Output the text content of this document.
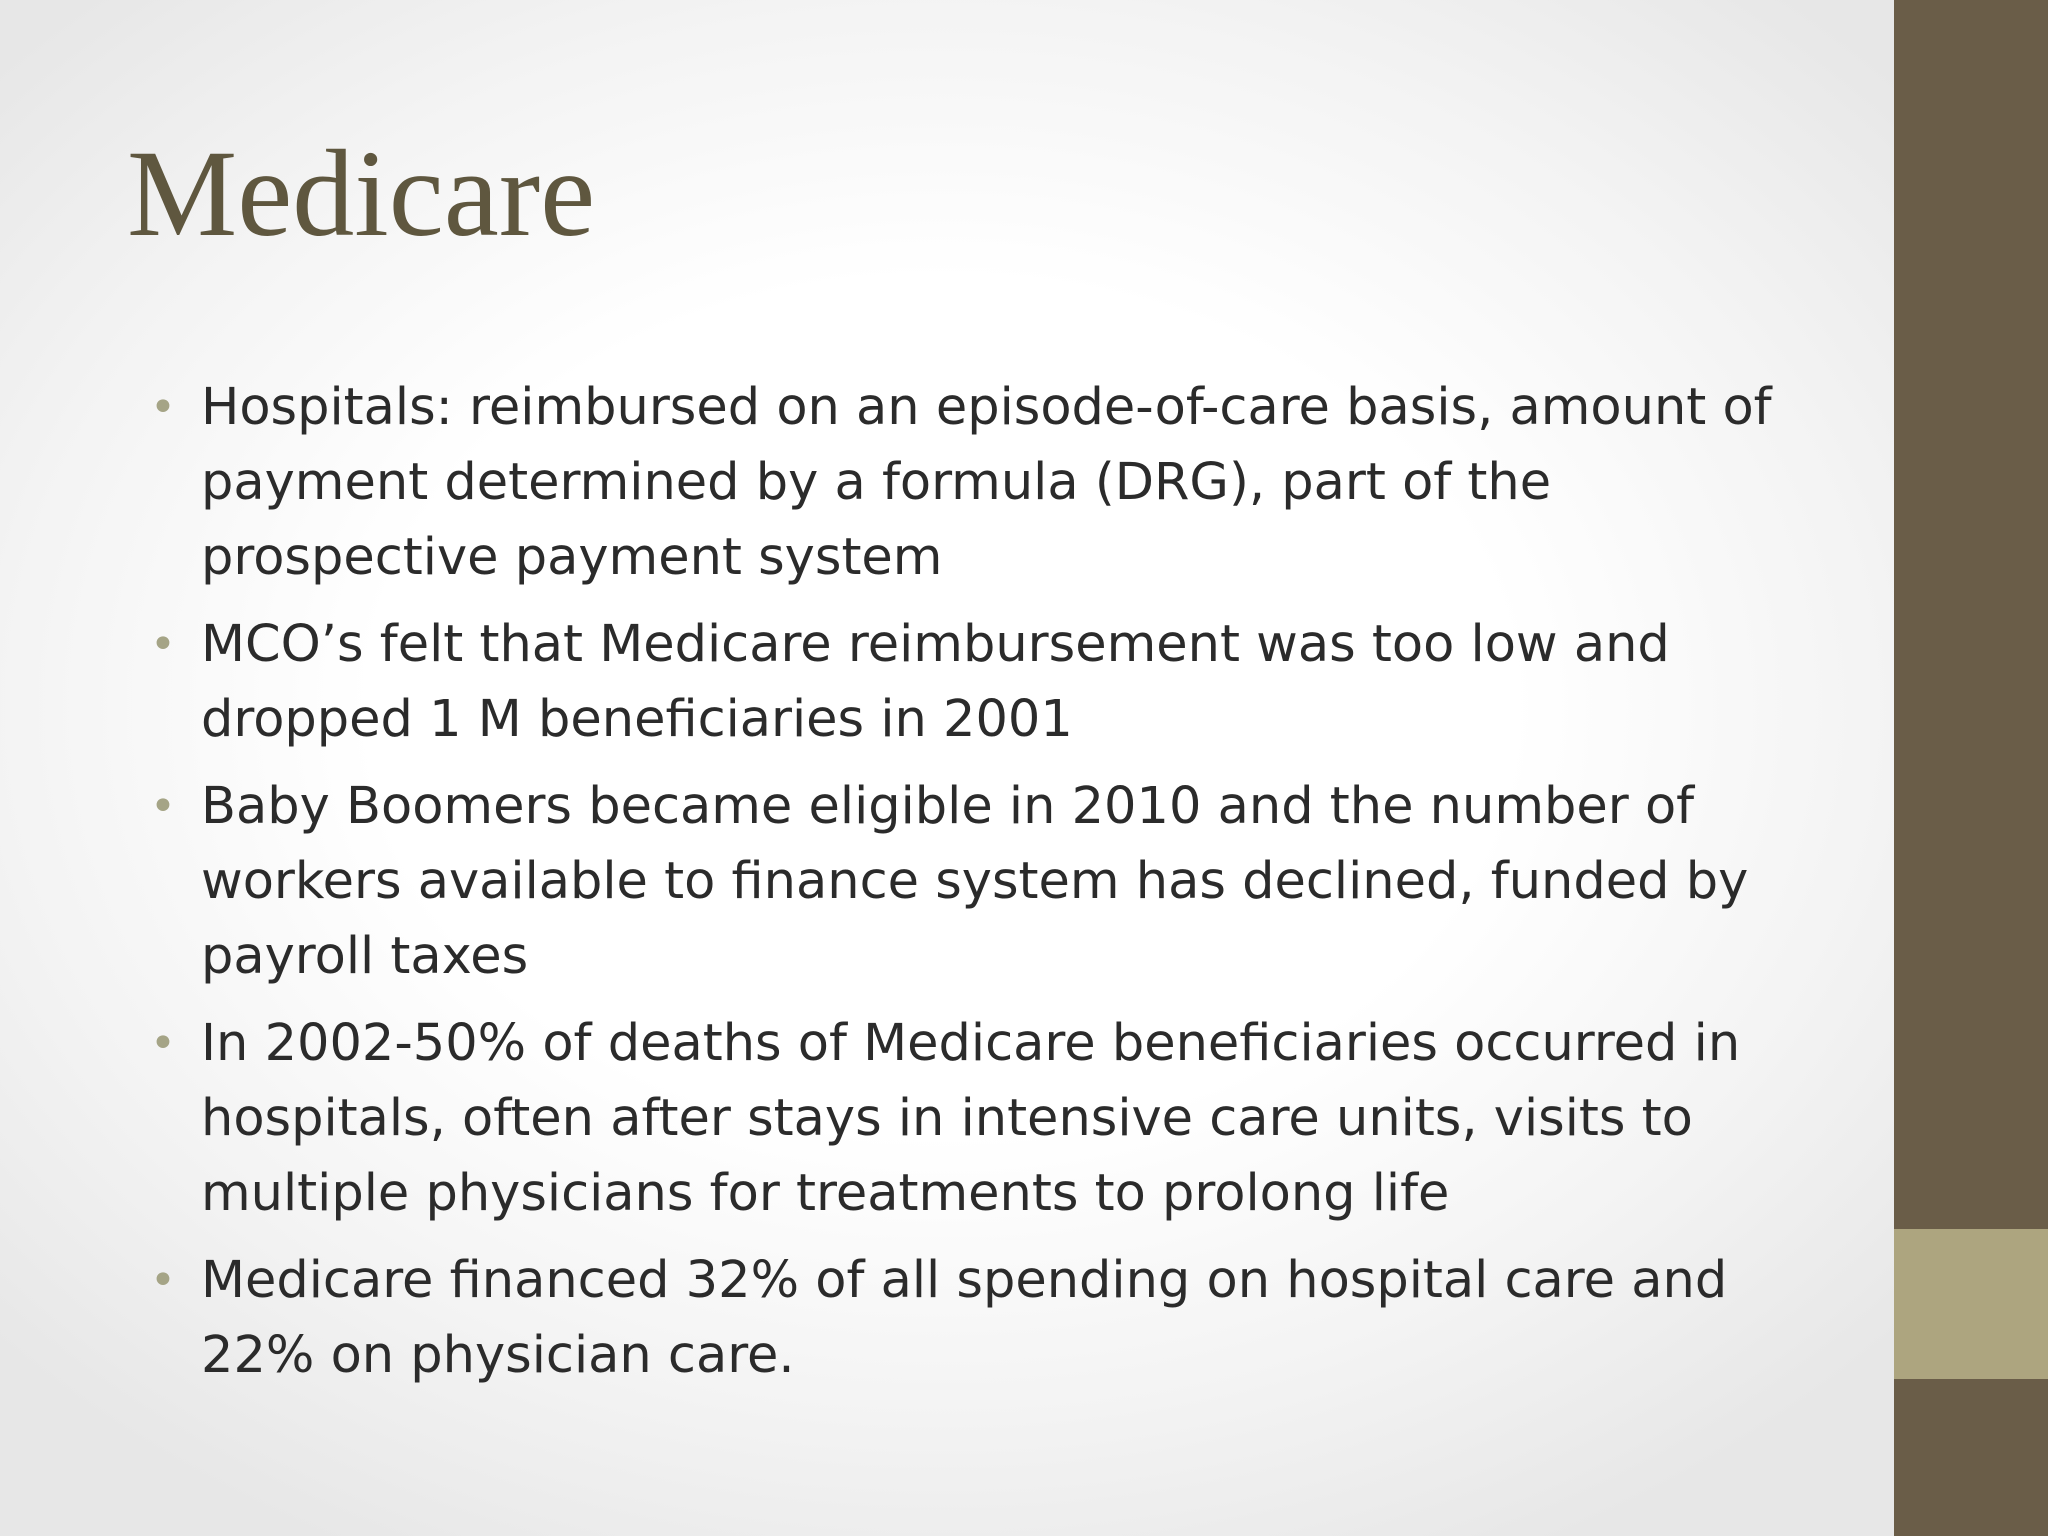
Medicare
• Hospitals: reimbursed on an episode-of-care basis, amount of
payment determined by a formula (DRG), part of the
prospective payment system
• MCO’s felt that Medicare reimbursement was too low and
dropped 1 M beneficiaries in 2001
• Baby Boomers became eligible in 2010 and the number of
workers available to finance system has declined, funded by
payroll taxes
• In 2002-50% of deaths of Medicare beneficiaries occurred in
hospitals, often after stays in intensive care units, visits to
multiple physicians for treatments to prolong life
• Medicare financed 32% of all spending on hospital care and
22% on physician care.
